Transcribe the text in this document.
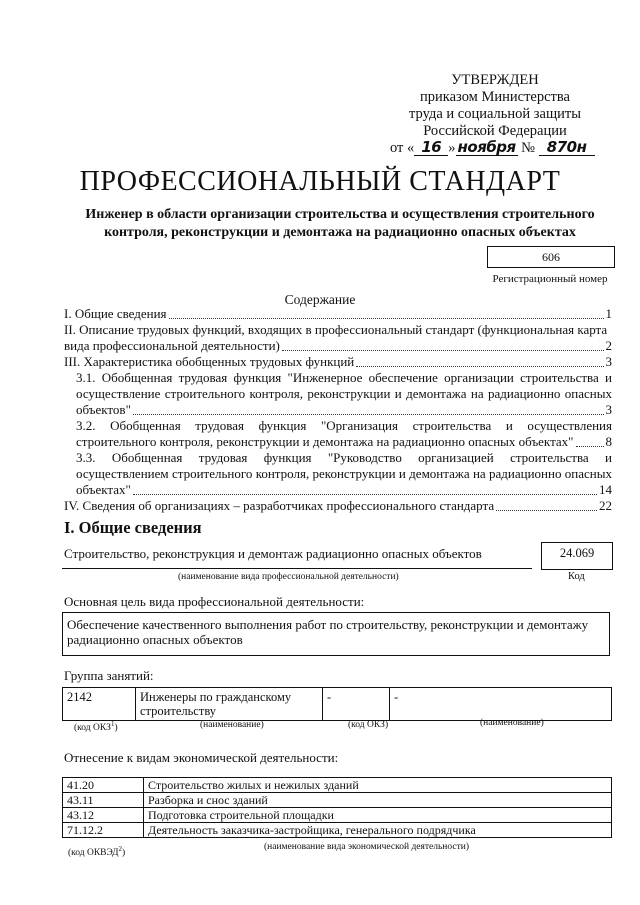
УТВЕРЖДЕН
приказом Министерства
труда и социальной защиты
Российской Федерации
от « 16 » ноября № 870н
ПРОФЕССИОНАЛЬНЫЙ СТАНДАРТ
Инженер в области организации строительства и осуществления строительного контроля, реконструкции и демонтажа на радиационно опасных объектах
606
Регистрационный номер
Содержание
I. Общие сведения	1
II. Описание трудовых функций, входящих в профессиональный стандарт (функциональная карта
вида профессиональной деятельности)	2
III. Характеристика обобщенных трудовых функций	3
3.1. Обобщенная трудовая функция "Инженерное обеспечение организации строительства и осуществление строительного контроля, реконструкции и демонтажа на радиационно опасных
объектов"	3
3.2. Обобщенная трудовая функция "Организация строительства и осуществления
строительного контроля, реконструкции и демонтажа на радиационно опасных объектах" 8
3.3. Обобщенная трудовая функция "Руководство организацией строительства и осуществлением строительного контроля, реконструкции и демонтажа на радиационно опасных
объектах"	14
IV. Сведения об организациях – разработчиках профессионального стандарта	22
I. Общие сведения
Строительство, реконструкция и демонтаж радиационно опасных объектов
(наименование вида профессиональной деятельности)
24.069
Код
Основная цель вида профессиональной деятельности:
Обеспечение качественного выполнения работ по строительству, реконструкции и демонтажу радиационно опасных объектов
Группа занятий:
2142	Инженеры по гражданскому строительству	-	-
(код ОКЗ$^1$)	(наименование)	(код ОКЗ)	(наименование)
Отнесение к видам экономической деятельности:
41.20	Строительство жилых и нежилых зданий
43.11	Разборка и снос зданий
43.12	Подготовка строительной площадки
71.12.2	Деятельность заказчика-застройщика, генерального подрядчика
(код ОКВЭД$^2$)
(наименование вида экономической деятельности)
